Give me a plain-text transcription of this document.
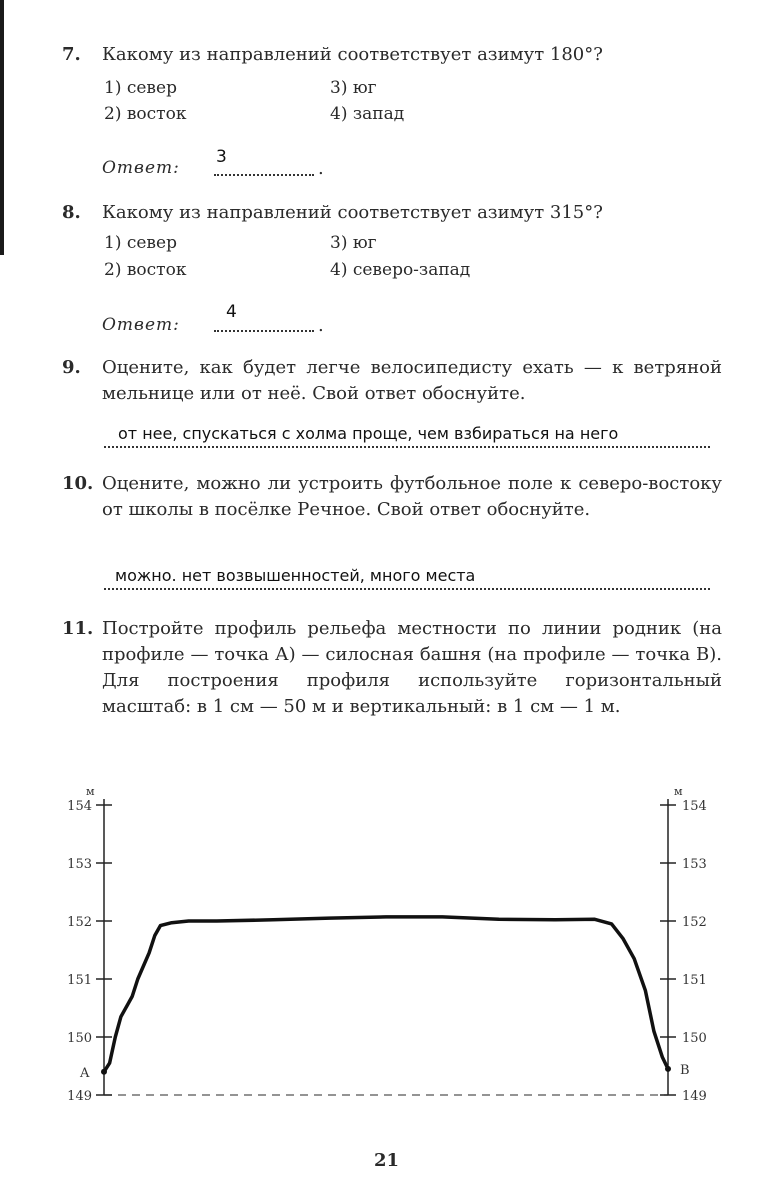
7. Какому из направлений соответствует азимут 180°?
1) север	3) юг
2) восток	4) запад
Ответ:
3
.
8. Какому из направлений соответствует азимут 315°?
1) север	3) юг
2) восток	4) северо-запад
Ответ:
4
.
9. Оцените, как будет легче велосипедисту ехать — к ветряной мельнице или от неё. Свой ответ обоснуйте.
от нее, спускаться с холма проще, чем взбираться на него
10. Оцените, можно ли устроить футбольное поле к северо-востоку от школы в посёлке Речное. Свой ответ обоснуйте.
можно. нет возвышенностей, много места
11. Постройте профиль рельефа местности по линии родник (на профиле — точка А) — силосная башня (на профиле — точка В). Для построения профиля используйте горизонтальный масштаб: в 1 см — 50 м и вертикальный: в 1 см — 1 м.
154	154
153	153
152	152
151	151
150	150
149	149
м	м
A	B
21
